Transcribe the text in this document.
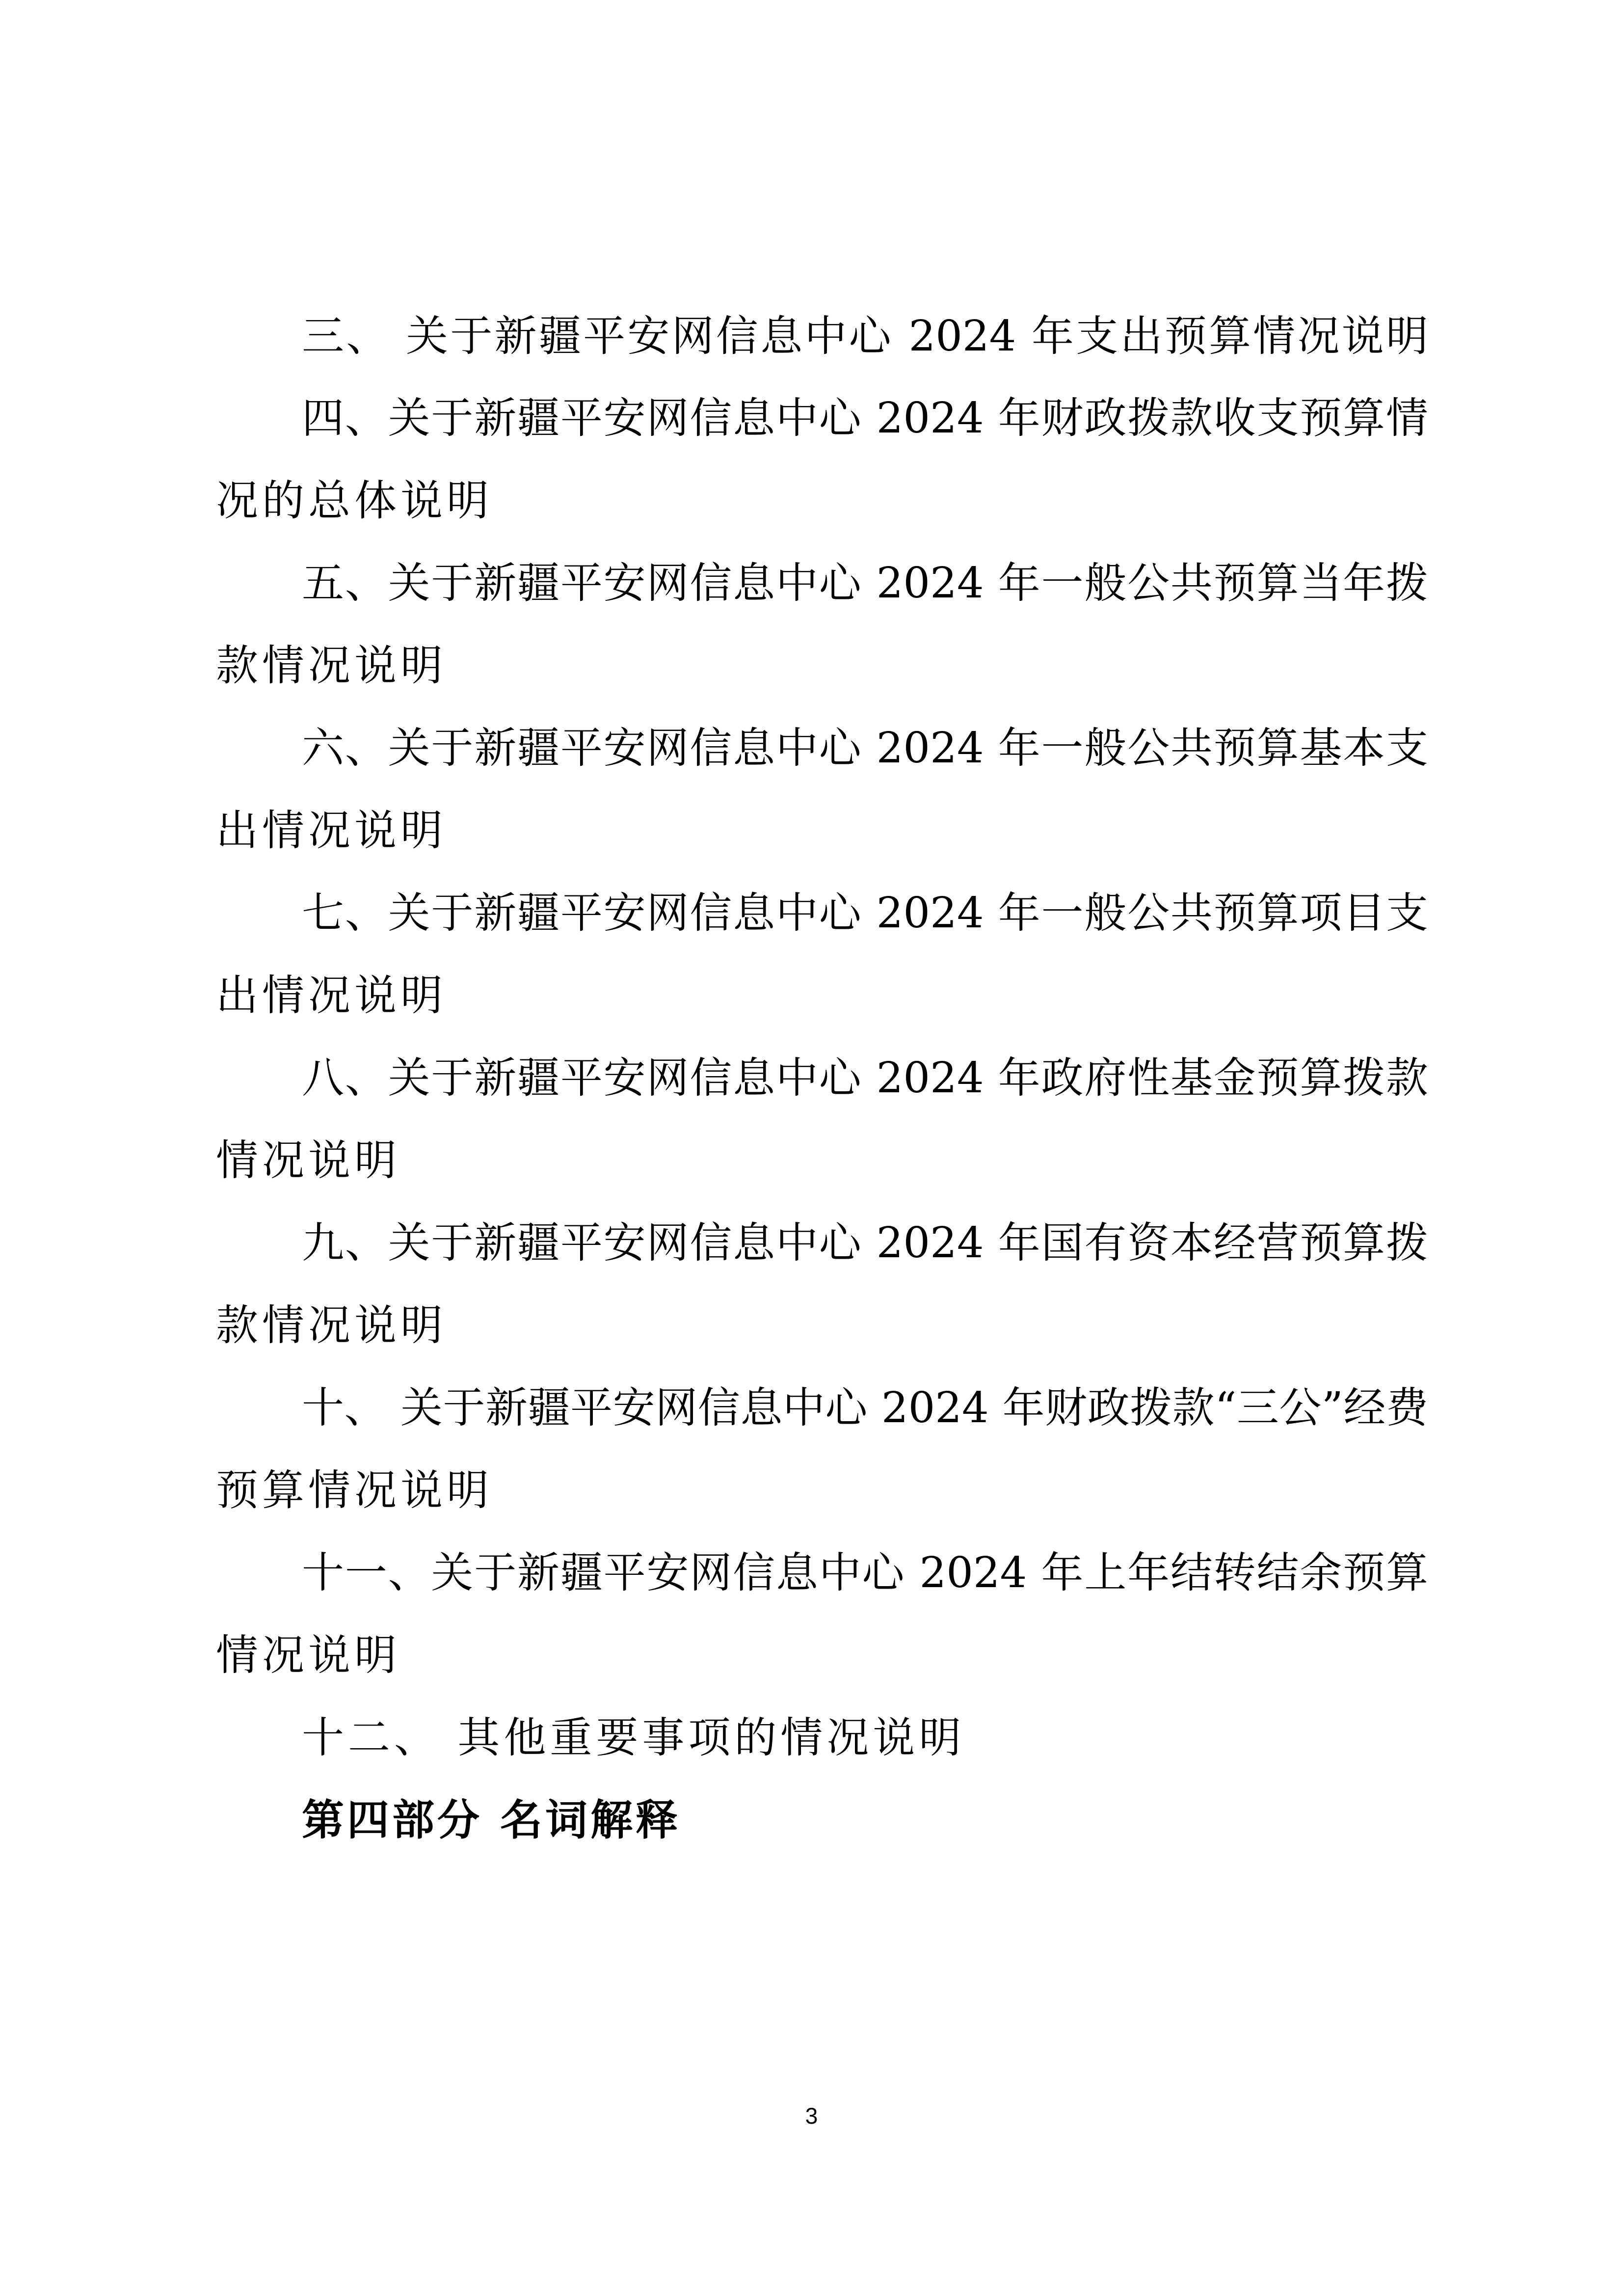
三、 关于新疆平安网信息中心 2024 年支出预算情况说明
四、关于新疆平安网信息中心 2024 年财政拨款收支预算情
况的总体说明
五、关于新疆平安网信息中心 2024 年一般公共预算当年拨
款情况说明
六、关于新疆平安网信息中心 2024 年一般公共预算基本支
出情况说明
七、关于新疆平安网信息中心 2024 年一般公共预算项目支
出情况说明
八、关于新疆平安网信息中心 2024 年政府性基金预算拨款
情况说明
九、关于新疆平安网信息中心 2024 年国有资本经营预算拨
款情况说明
十、 关于新疆平安网信息中心 2024 年财政拨款“三公”经费
预算情况说明
十一、关于新疆平安网信息中心 2024 年上年结转结余预算
情况说明
十二、 其他重要事项的情况说明
第四部分 名词解释
3
